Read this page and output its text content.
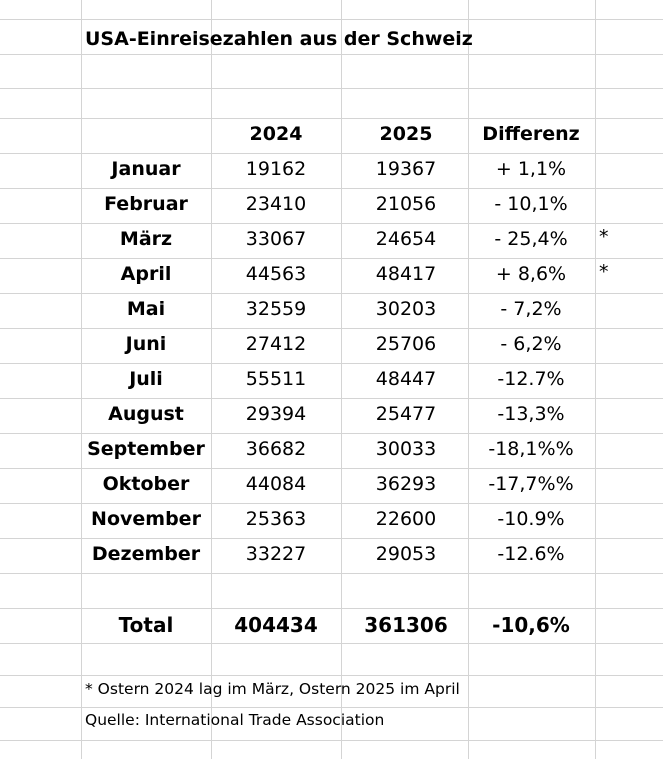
USA-Einreisezahlen aus der Schweiz
2024	2025	Differenz
Januar	19162	19367	+ 1,1%
Februar	23410	21056	- 10,1%
März	33067	24654	- 25,4% *
April	44563	48417	+ 8,6% *
Mai	32559	30203	- 7,2%
Juni	27412	25706	- 6,2%
Juli	55511	48447	-12.7%
August	29394	25477	-13,3%
September 36682	30033	-18,1%%
Oktober	44084	36293	-17,7%%
November 25363	22600	-10.9%
Dezember 33227	29053	-12.6%
Total	404434 361306 -10,6%
* Ostern 2024 lag im März, Ostern 2025 im April
Quelle: International Trade Association
